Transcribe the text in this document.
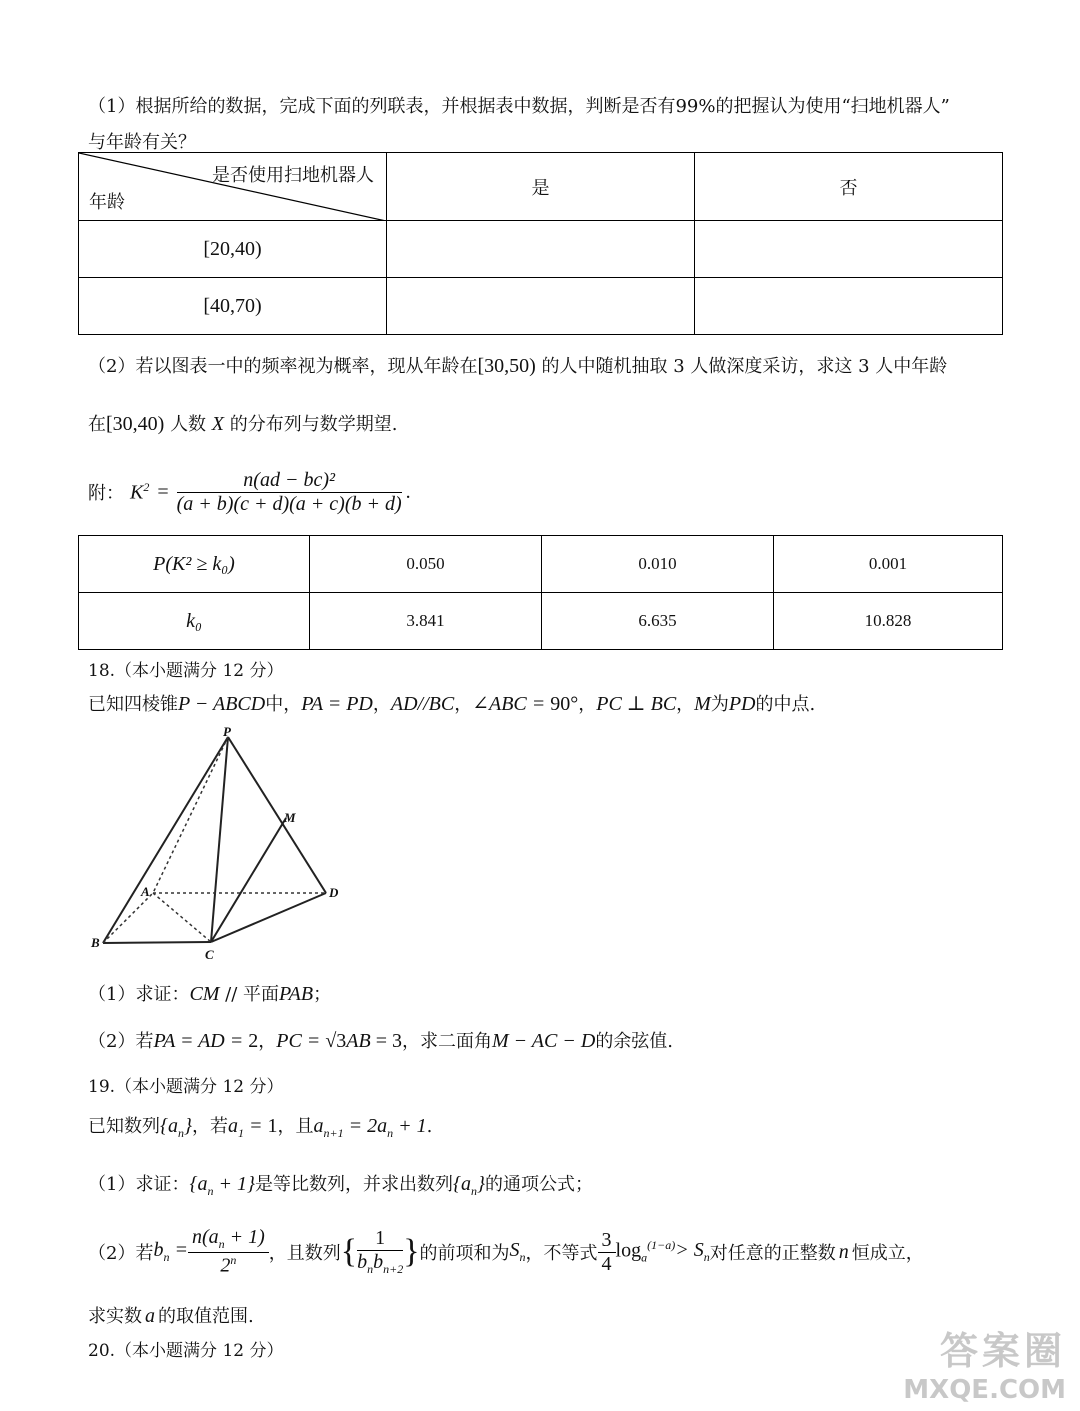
（1）根据所给的数据，完成下面的列联表，并根据表中数据，判断是否有99%的把握认为使用“扫地机器人”
与年龄有关？
是否使用扫地机器人
年龄	是	否
[20,40)		
[40,70)		
（2）若以图表一中的频率视为概率，现从年龄在[30,50) 的人中随机抽取 3 人做深度采访，求这 3 人中年龄
在[30,40) 人数 X 的分布列与数学期望.
附： $K^2 = \frac{\text{n(ad − bc)²}}{(a + b)(c + d)(a + c)(b + d)}$ .
P(K² ≥ k₀)	0.050	0.010	0.001
k₀	3.841	6.635	10.828
18.（本小题满分 12 分）
已知四棱锥P − ABCD中，PA = PD，AD//BC，∠ABC = 90°，PC ⊥ BC，M为PD的中点.
P
M
A
B
C
D
（1）求证：CM // 平面PAB；
（2）若PA = AD = 2，PC = √3AB = 3，求二面角M − AC − D的余弦值.
19.（本小题满分 12 分）
已知数列$\{a_n\}$，若$a_1 = 1$，且$a_{n+1} = 2a_n + 1$.
（1）求证：$\{a_n + 1\}$是等比数列，并求出数列$\{a_n\}$的通项公式；
（2）若 $b_n = \frac{n(a_n + 1)}{2^n}$ ，且数列 { $\frac{1}{b_nb_{n+2}}$ } 的前项和为 $S_n$ ，不等式 $\frac{3}{4} \log_a^{(1-a)} > S_n$ 对任意的正整数 n 恒成立，
求实数 a 的取值范围.
20.（本小题满分 12 分）	答案圈
MXQE.COM
